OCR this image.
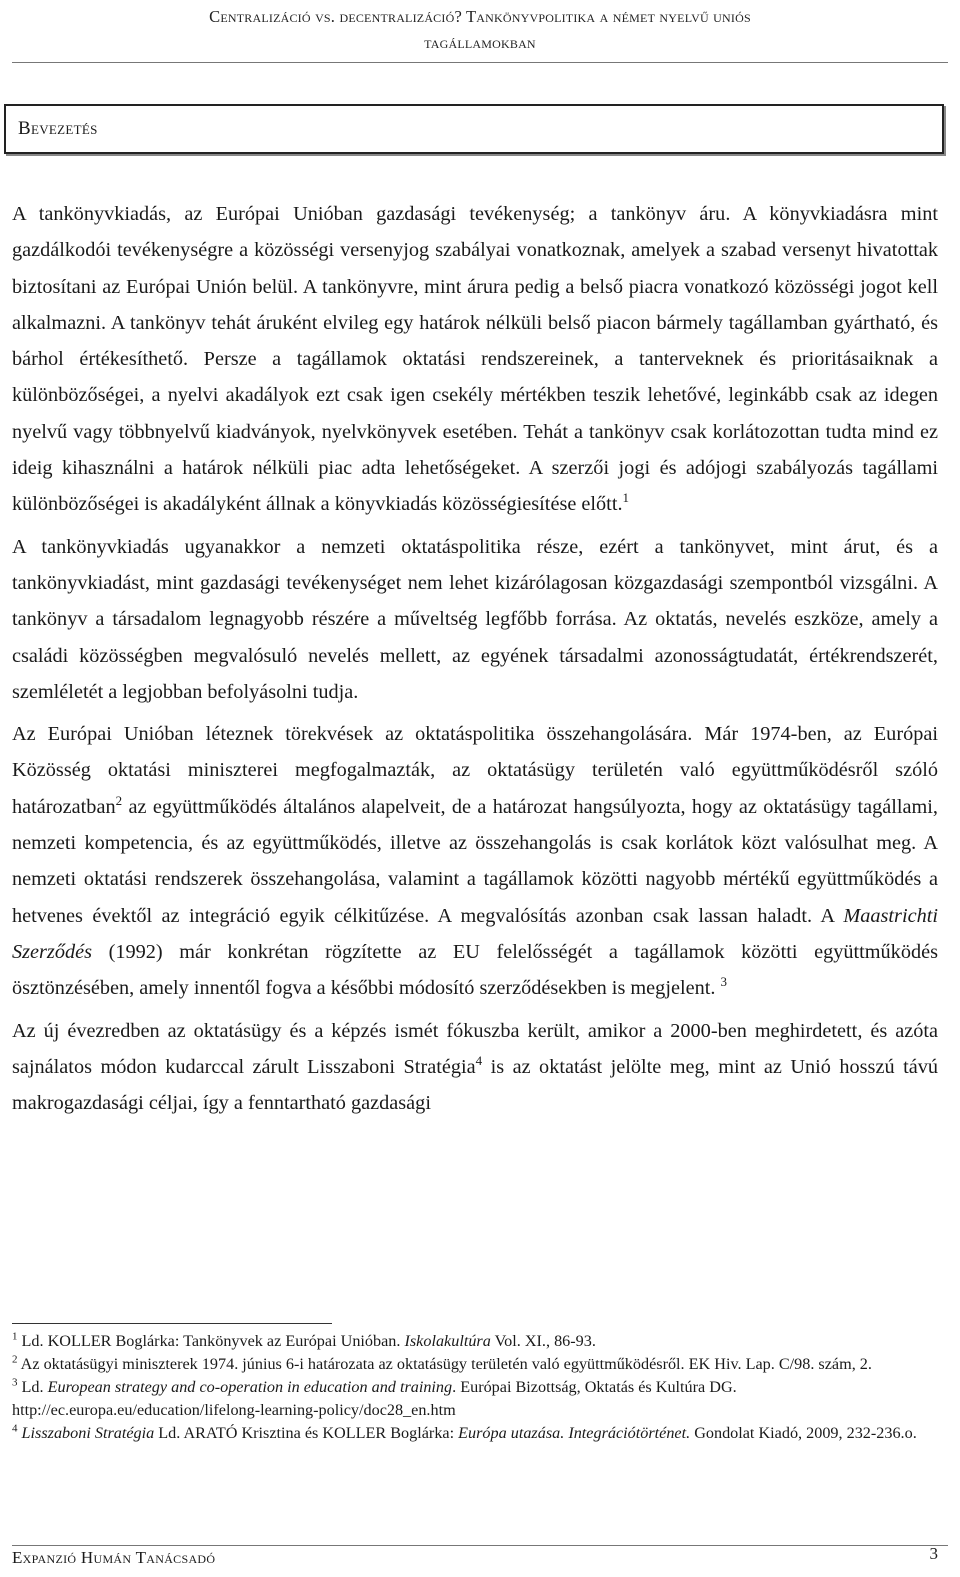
Centralizáció vs. decentralizáció? Tankönyvpolitika a német nyelvű uniós
tagállamokban
Bevezetés

A tankönyvkiadás, az Európai Unióban gazdasági tevékenység; a tankönyv áru. A könyvkiadásra mint gazdálkodói tevékenységre a közösségi versenyjog szabályai vonatkoznak, amelyek a szabad versenyt hivatottak biztosítani az Európai Unión belül. A tankönyvre, mint árura pedig a belső piacra vonatkozó közösségi jogot kell alkalmazni. A tankönyv tehát áruként elvileg egy határok nélküli belső piacon bármely tagállamban gyártható, és bárhol értékesíthető. Persze a tagállamok oktatási rendszereinek, a tanterveknek és prioritásaiknak a különbözőségei, a nyelvi akadályok ezt csak igen csekély mértékben teszik lehetővé, leginkább csak az idegen nyelvű vagy többnyelvű kiadványok, nyelvkönyvek esetében. Tehát a tankönyv csak korlátozottan tudta mind ez ideig kihasználni a határok nélküli piac adta lehetőségeket. A szerzői jogi és adójogi szabályozás tagállami különbözőségei is akadályként állnak a könyvkiadás közösségiesítése előtt.$^1$

A tankönyvkiadás ugyanakkor a nemzeti oktatáspolitika része, ezért a tankönyvet, mint árut, és a tankönyvkiadást, mint gazdasági tevékenységet nem lehet kizárólagosan közgazdasági szempontból vizsgálni. A tankönyv a társadalom legnagyobb részére a műveltség legfőbb forrása. Az oktatás, nevelés eszköze, amely a családi közösségben megvalósuló nevelés mellett, az egyének társadalmi azonosságtudatát, értékrendszerét, szemléletét a legjobban befolyásolni tudja.

Az Európai Unióban léteznek törekvések az oktatáspolitika összehangolására. Már 1974-ben, az Európai Közösség oktatási miniszterei megfogalmazták, az oktatásügy területén való együttműködésről szóló határozatban$^2$ az együttműködés általános alapelveit, de a határozat hangsúlyozta, hogy az oktatásügy tagállami, nemzeti kompetencia, és az együttműködés, illetve az összehangolás is csak korlátok közt valósulhat meg. A nemzeti oktatási rendszerek összehangolása, valamint a tagállamok közötti nagyobb mértékű együttműködés a hetvenes évektől az integráció egyik célkitűzése. A megvalósítás azonban csak lassan haladt. A Maastrichti Szerződés (1992) már konkrétan rögzítette az EU felelősségét a tagállamok közötti együttműködés ösztönzésében, amely innentől fogva a későbbi módosító szerződésekben is megjelent. $^3$

Az új évezredben az oktatásügy és a képzés ismét fókuszba került, amikor a 2000-ben meghirdetett, és azóta sajnálatos módon kudarccal zárult Lisszaboni Stratégia$^4$ is az oktatást jelölte meg, mint az Unió hosszú távú makrogazdasági céljai, így a fenntartható gazdasági

$^1$ Ld. KOLLER Boglárka: Tankönyvek az Európai Unióban. Iskolakultúra Vol. XI., 86-93.

$^2$ Az oktatásügyi miniszterek 1974. június 6-i határozata az oktatásügy területén való együttműködésről. EK Hiv. Lap. C/98. szám, 2.

$^3$ Ld. European strategy and co-operation in education and training. Európai Bizottság, Oktatás és Kultúra DG.
http://ec.europa.eu/education/lifelong-learning-policy/doc28_en.htm

$^4$ Lisszaboni Stratégia Ld. ARATÓ Krisztina és KOLLER Boglárka: Európa utazása. Integrációtörténet. Gondolat Kiadó, 2009, 232-236.o.

Expanzió Humán Tanácsadó	3
